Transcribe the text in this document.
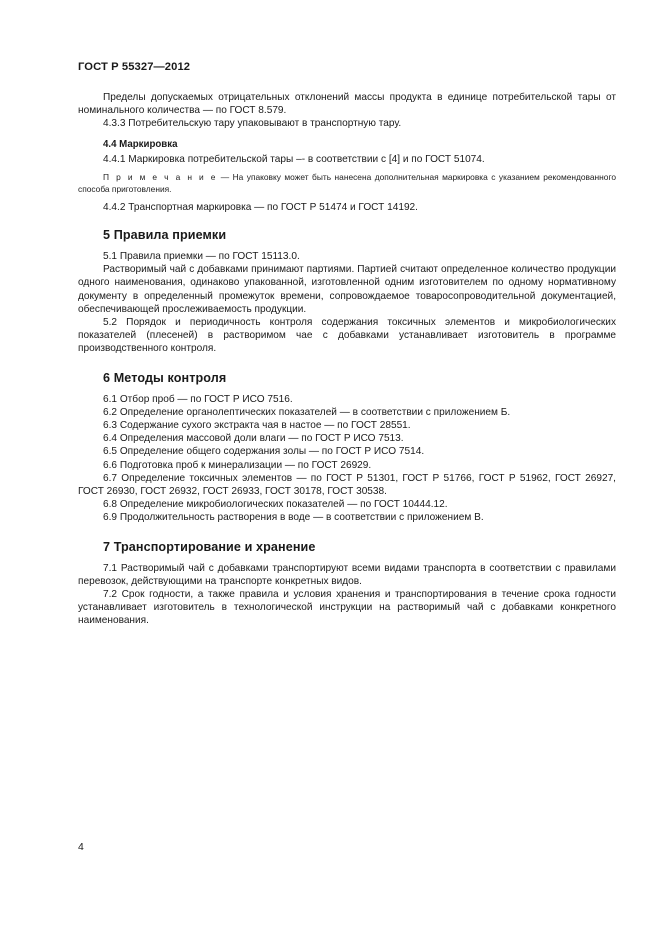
ГОСТ Р 55327—2012

Пределы допускаемых отрицательных отклонений массы продукта в единице потребительской тары от номинального количества — по ГОСТ 8.579.

4.3.3 Потребительскую тару упаковывают в транспортную тару.

4.4 Маркировка

4.4.1 Маркировка потребительской тары –- в соответствии с [4] и по ГОСТ 51074.

П р и м е ч а н и е — На упаковку может быть нанесена дополнительная маркировка с указанием рекомендованного способа приготовления.

4.4.2 Транспортная маркировка — по ГОСТ Р 51474 и ГОСТ 14192.

5 Правила приемки

5.1 Правила приемки — по ГОСТ 15113.0.

Растворимый чай с добавками принимают партиями. Партией считают определенное количество продукции одного наименования, одинаково упакованной, изготовленной одним изготовителем по одному нормативному документу в определенный промежуток времени, сопровождаемое товаросопроводительной документацией, обеспечивающей прослеживаемость продукции.

5.2 Порядок и периодичность контроля содержания токсичных элементов и микробиологических показателей (плесеней) в растворимом чае с добавками устанавливает изготовитель в программе производственного контроля.

6 Методы контроля

6.1 Отбор проб — по ГОСТ Р ИСО 7516.

6.2 Определение органолептических показателей — в соответствии с приложением Б.

6.3 Содержание сухого экстракта чая в настое — по ГОСТ 28551.

6.4 Определения массовой доли влаги — по ГОСТ Р ИСО 7513.

6.5 Определение общего содержания золы — по ГОСТ Р ИСО 7514.

6.6 Подготовка проб к минерализации — по ГОСТ 26929.

6.7 Определение токсичных элементов — по ГОСТ Р 51301, ГОСТ Р 51766, ГОСТ Р 51962, ГОСТ 26927, ГОСТ 26930, ГОСТ 26932, ГОСТ 26933, ГОСТ 30178, ГОСТ 30538.

6.8 Определение микробиологических показателей — по ГОСТ 10444.12.

6.9 Продолжительность растворения в воде — в соответствии с приложением В.

7 Транспортирование и хранение

7.1 Растворимый чай с добавками транспортируют всеми видами транспорта в соответствии с правилами перевозок, действующими на транспорте конкретных видов.

7.2 Срок годности, а также правила и условия хранения и транспортирования в течение срока годности устанавливает изготовитель в технологической инструкции на растворимый чай с добавками конкретного наименования.

4
